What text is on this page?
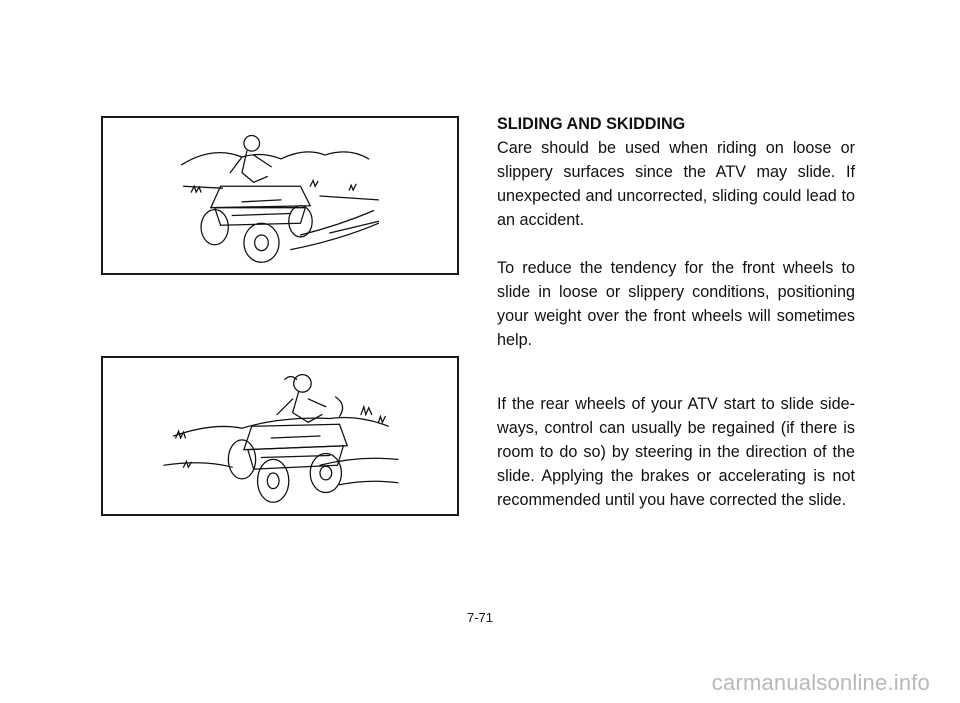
SLIDING AND SKIDDING

Care should be used when riding on loose or slippery surfaces since the ATV may slide. If unexpected and uncorrected, sliding could lead to an accident.

To reduce the tendency for the front wheels to slide in loose or slippery conditions, positioning your weight over the front wheels will sometimes help.

If the rear wheels of your ATV start to slide side-ways, control can usually be regained (if there is room to do so) by steering in the direction of the slide. Applying the brakes or accelerating is not recommended until you have corrected the slide.

7-71
carmanualsonline.info
